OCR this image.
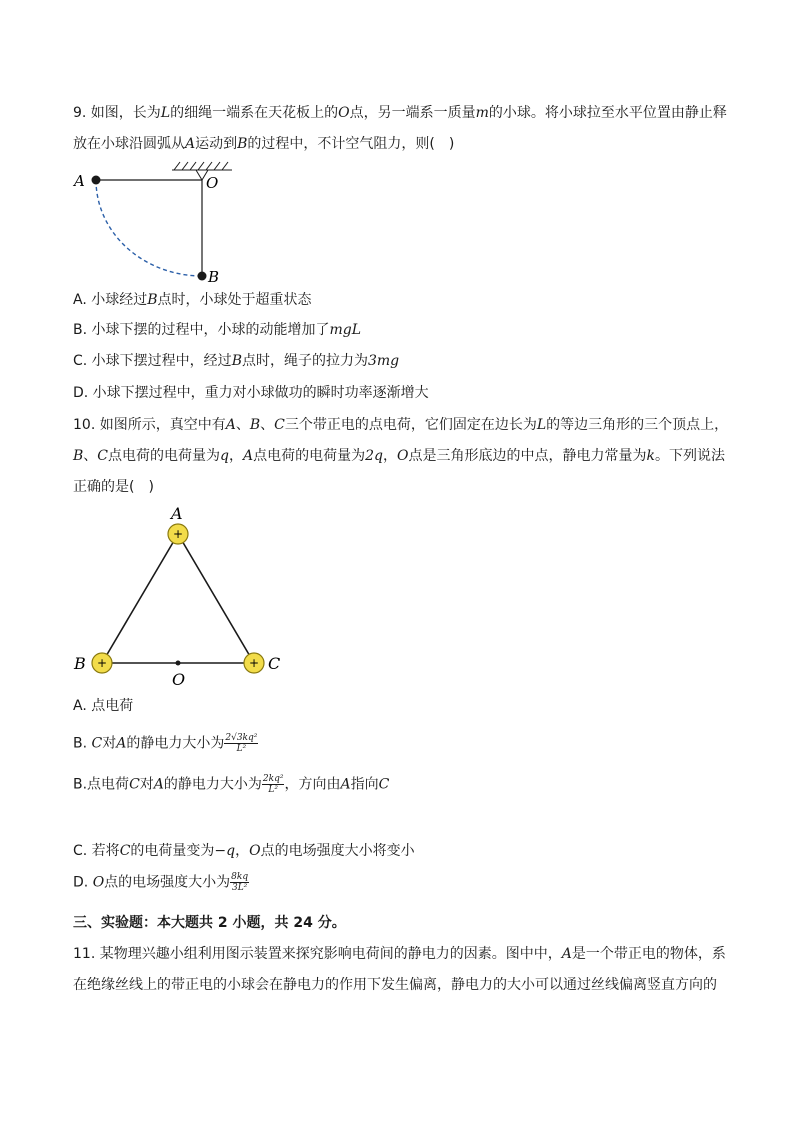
9. 如图，长为L的细绳一端系在天花板上的O点，另一端系一质量m的小球。将小球拉至水平位置由静止释
放在小球沿圆弧从A运动到B的过程中，不计空气阻力，则(　)
A	O
B
A. 小球经过B点时，小球处于超重状态
B. 小球下摆的过程中，小球的动能增加了mgL
C. 小球下摆过程中，经过B点时，绳子的拉力为3mg
D. 小球下摆过程中，重力对小球做功的瞬时功率逐渐增大
10. 如图所示，真空中有A、B、C三个带正电的点电荷，它们固定在边长为L的等边三角形的三个顶点上，
B、C点电荷的电荷量为q，A点电荷的电荷量为2q，O点是三角形底边的中点，静电力常量为k。下列说法
正确的是(　)
+
+	+
A
B	C
O
A. 点电荷
B. C对A的静电力大小为 $\frac{\text{2√3kq²}}{\text{L²}}$
B.点电荷C对A的静电力大小为 $\frac{\text{2kq²}}{\text{L²}}$ ，方向由A指向C
C. 若将C的电荷量变为−q，O点的电场强度大小将变小
D. O点的电场强度大小为 $\frac{8kq}{\text{3L²}}$
三、实验题：本大题共 2 小题，共 24 分。
11. 某物理兴趣小组利用图示装置来探究影响电荷间的静电力的因素。图中中，A是一个带正电的物体，系
在绝缘丝线上的带正电的小球会在静电力的作用下发生偏离，静电力的大小可以通过丝线偏离竖直方向的
